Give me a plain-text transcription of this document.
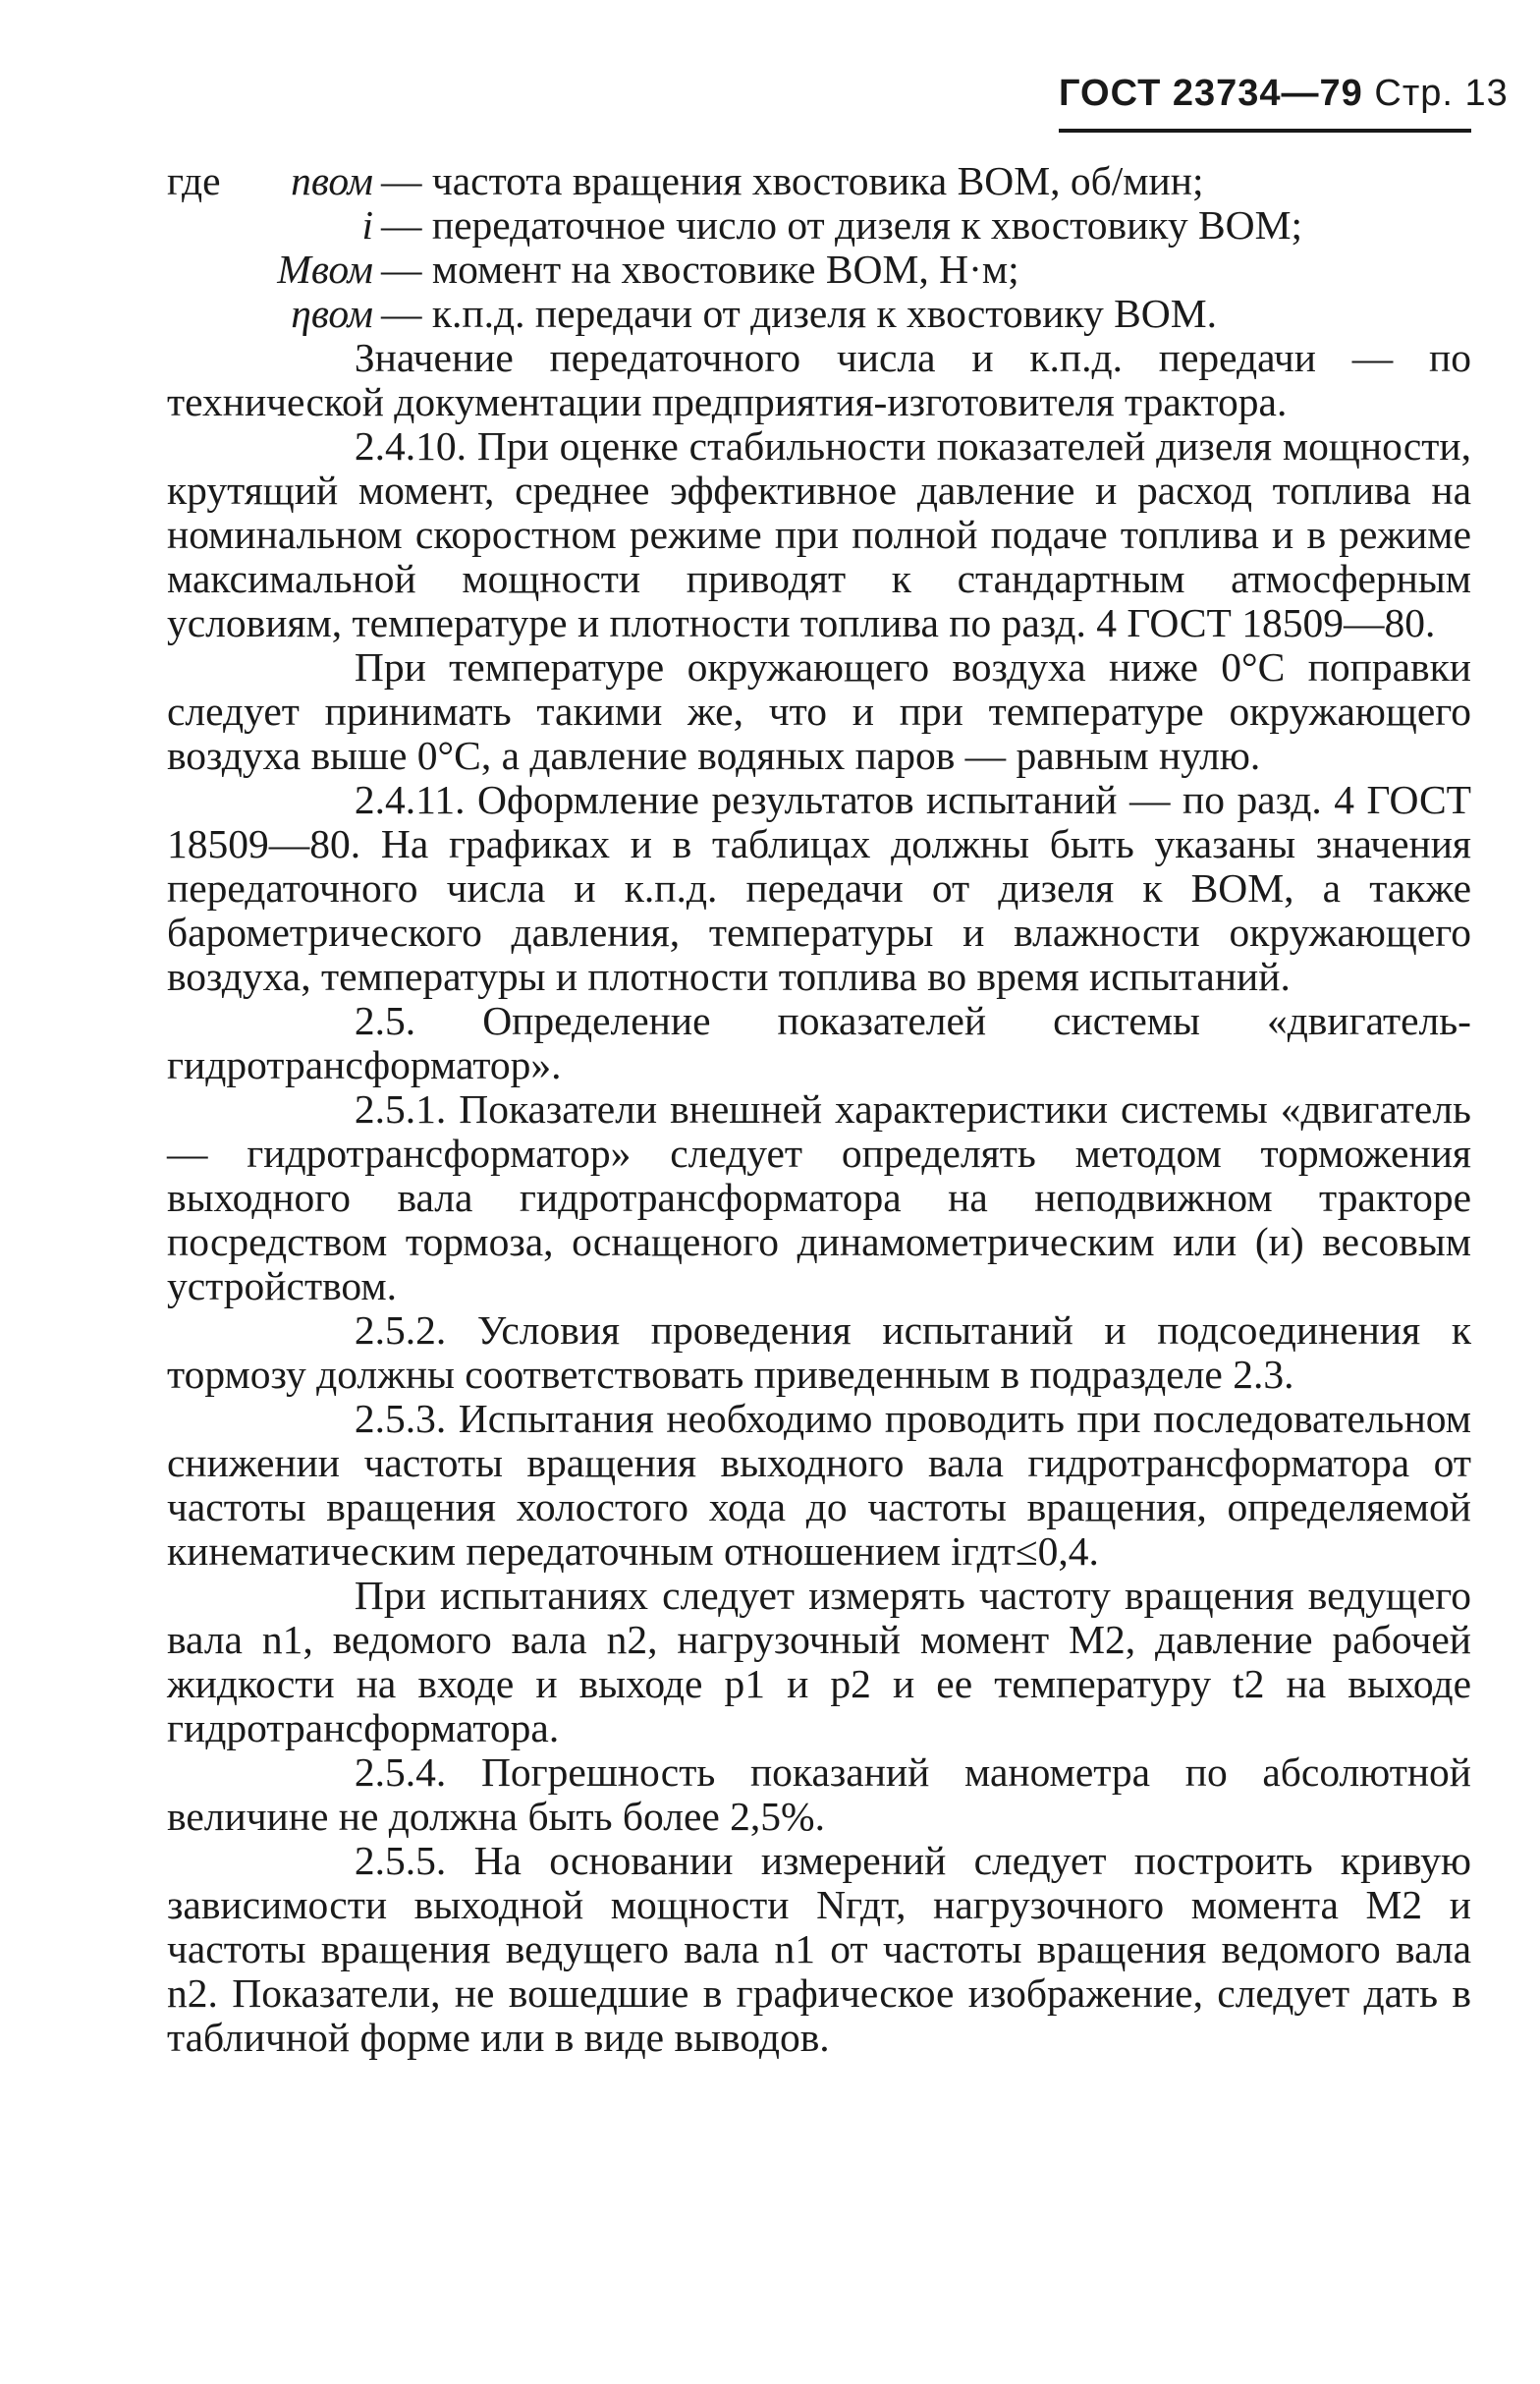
ГОСТ 23734—79 Стр. 13
где	nвом — частота вращения хвостовика ВОМ, об/мин;
i — передаточное число от дизеля к хвостовику ВОМ;
Mвом — момент на хвостовике ВОМ, Н·м;
ηвом — к.п.д. передачи от дизеля к хвостовику ВОМ.

Значение передаточного числа и к.п.д. передачи — по технической документации предприятия-изготовителя трактора.

2.4.10. При оценке стабильности показателей дизеля мощности, крутящий момент, среднее эффективное давление и расход топлива на номинальном скоростном режиме при полной подаче топлива и в режиме максимальной мощности приводят к стандартным атмосферным условиям, температуре и плотности топлива по разд. 4 ГОСТ 18509—80.

При температуре окружающего воздуха ниже 0°С поправки следует принимать такими же, что и при температуре окружающего воздуха выше 0°С, а давление водяных паров — равным нулю.

2.4.11. Оформление результатов испытаний — по разд. 4 ГОСТ 18509—80. На графиках и в таблицах должны быть указаны значения передаточного числа и к.п.д. передачи от дизеля к ВОМ, а также барометрического давления, температуры и влажности окружающего воздуха, температуры и плотности топлива во время испытаний.

2.5. Определение показателей системы «двигатель-гидротрансформатор».

2.5.1. Показатели внешней характеристики системы «двигатель — гидротрансформатор» следует определять методом торможения выходного вала гидротрансформатора на неподвижном тракторе посредством тормоза, оснащеного динамометрическим или (и) весовым устройством.

2.5.2. Условия проведения испытаний и подсоединения к тормозу должны соответствовать приведенным в подразделе 2.3.

2.5.3. Испытания необходимо проводить при последовательном снижении частоты вращения выходного вала гидротрансформатора от частоты вращения холостого хода до частоты вращения, определяемой кинематическим передаточным отношением iгдт≤0,4.

При испытаниях следует измерять частоту вращения ведущего вала n1, ведомого вала n2, нагрузочный момент M2, давление рабочей жидкости на входе и выходе p1 и p2 и ее температуру t2 на выходе гидротрансформатора.

2.5.4. Погрешность показаний манометра по абсолютной величине не должна быть более 2,5%.

2.5.5. На основании измерений следует построить кривую зависимости выходной мощности Nгдт, нагрузочного момента M2 и частоты вращения ведущего вала n1 от частоты вращения ведомого вала n2. Показатели, не вошедшие в графическое изображение, следует дать в табличной форме или в виде выводов.
